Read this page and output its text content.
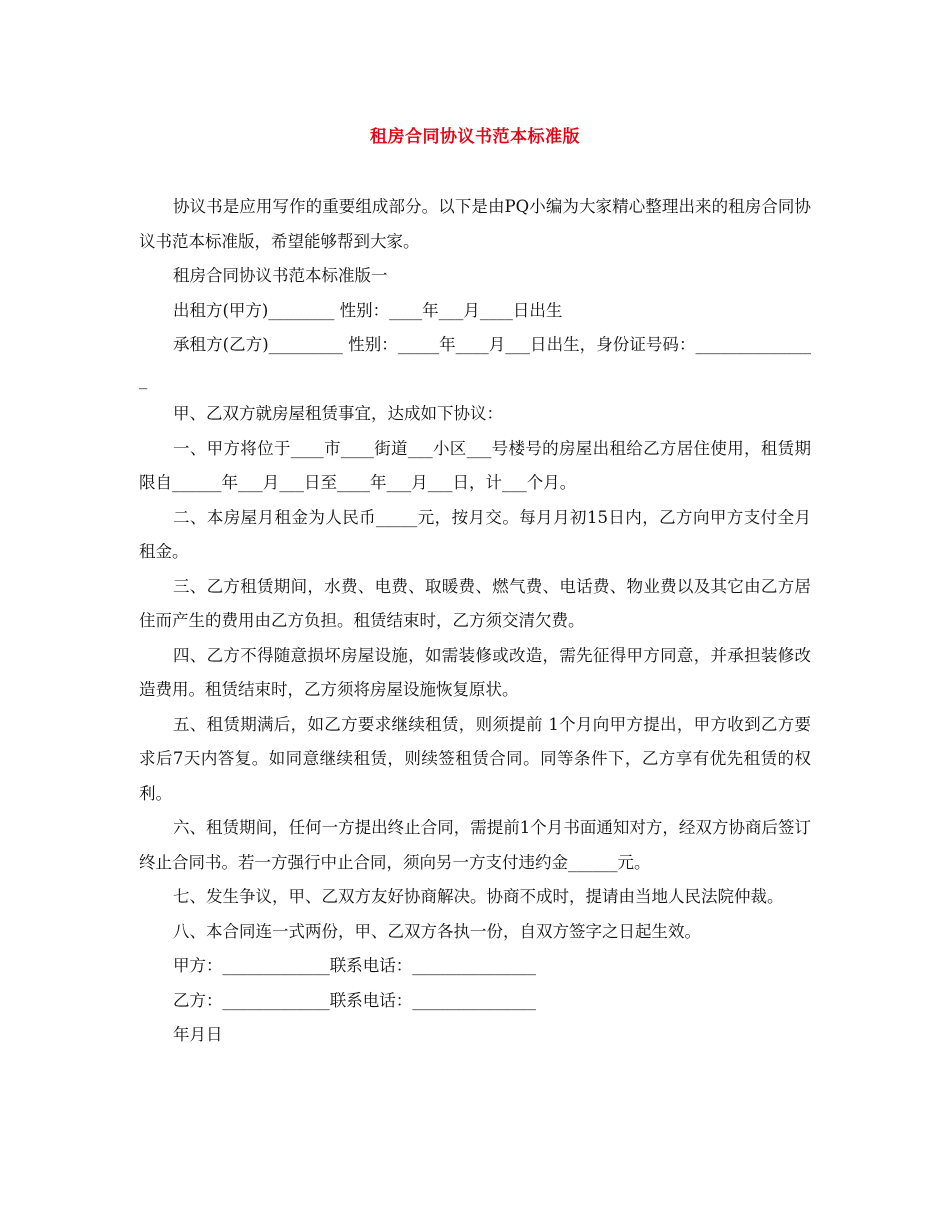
租房合同协议书范本标准版

协议书是应用写作的重要组成部分。以下是由PQ小编为大家精心整理出来的租房合同协议书范本标准版，希望能够帮到大家。

租房合同协议书范本标准版一

出租方(甲方)________ 性别：____年___月____日出生

承租方(乙方)_________ 性别：_____年____月___日出生，身份证号码：_______________

甲、乙双方就房屋租赁事宜，达成如下协议：

一、甲方将位于____市____街道___小区___号楼号的房屋出租给乙方居住使用，租赁期限自______年___月___日至____年___月___日，计___个月。

二、本房屋月租金为人民币_____元，按月交。每月月初15日内，乙方向甲方支付全月租金。

三、乙方租赁期间，水费、电费、取暖费、燃气费、电话费、物业费以及其它由乙方居住而产生的费用由乙方负担。租赁结束时，乙方须交清欠费。

四、乙方不得随意损坏房屋设施，如需装修或改造，需先征得甲方同意，并承担装修改造费用。租赁结束时，乙方须将房屋设施恢复原状。

五、租赁期满后，如乙方要求继续租赁，则须提前 1个月向甲方提出，甲方收到乙方要求后7天内答复。如同意继续租赁，则续签租赁合同。同等条件下，乙方享有优先租赁的权利。

六、租赁期间，任何一方提出终止合同，需提前1个月书面通知对方，经双方协商后签订终止合同书。若一方强行中止合同，须向另一方支付违约金______元。

七、发生争议，甲、乙双方友好协商解决。协商不成时，提请由当地人民法院仲裁。

八、本合同连一式两份，甲、乙双方各执一份，自双方签字之日起生效。

甲方：_____________联系电话：_______________

乙方：_____________联系电话：_______________

年月日
